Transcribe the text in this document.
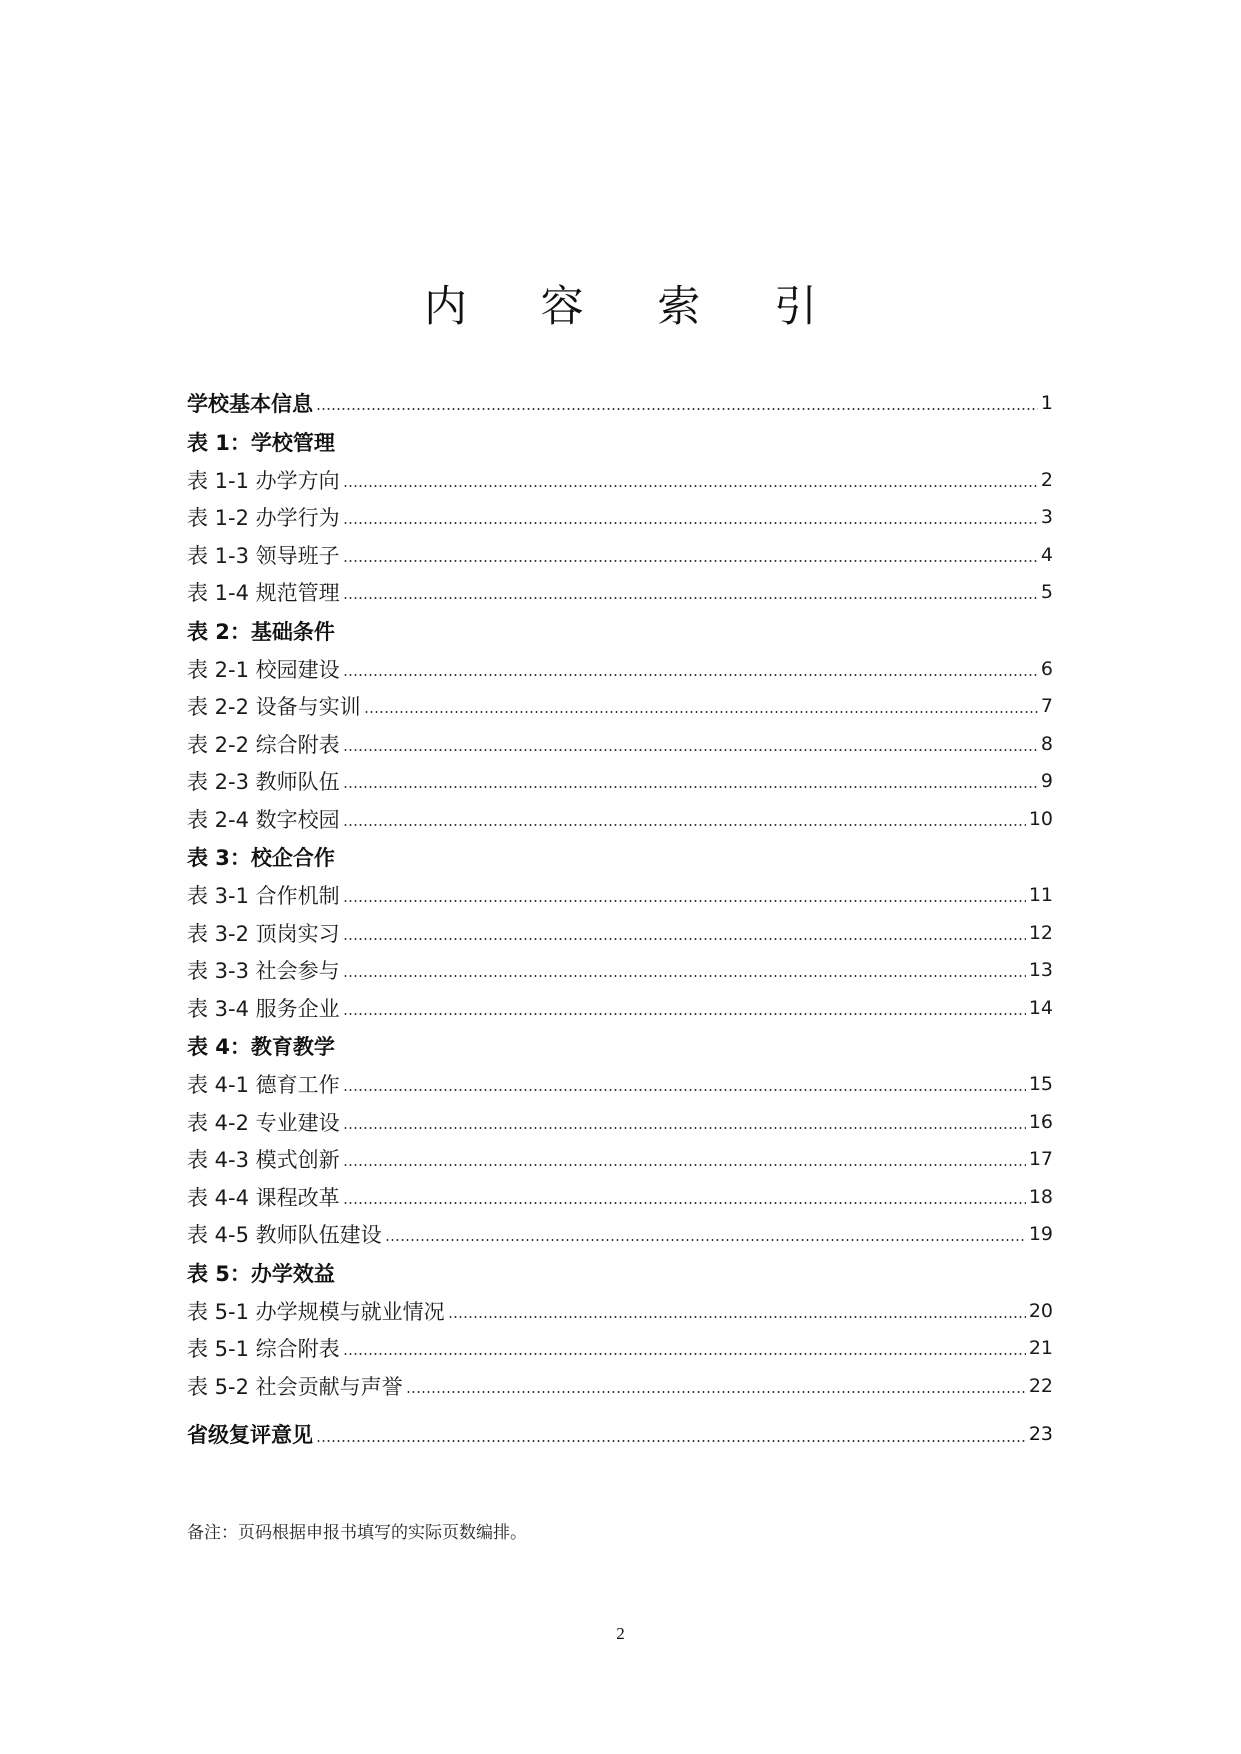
内 容 索 引
学校基本信息	1
表 1：学校管理
表 1-1 办学方向	2
表 1-2 办学行为	3
表 1-3 领导班子	4
表 1-4 规范管理	5
表 2：基础条件
表 2-1 校园建设	6
表 2-2 设备与实训	7
表 2-2 综合附表	8
表 2-3 教师队伍	9
表 2-4 数字校园	10
表 3：校企合作
表 3-1 合作机制	11
表 3-2 顶岗实习	12
表 3-3 社会参与	13
表 3-4 服务企业	14
表 4：教育教学
表 4-1 德育工作	15
表 4-2 专业建设	16
表 4-3 模式创新	17
表 4-4 课程改革	18
表 4-5 教师队伍建设	19
表 5：办学效益
表 5-1 办学规模与就业情况	20
表 5-1 综合附表	21
表 5-2 社会贡献与声誉	22
省级复评意见	23
备注：页码根据申报书填写的实际页数编排。
2
